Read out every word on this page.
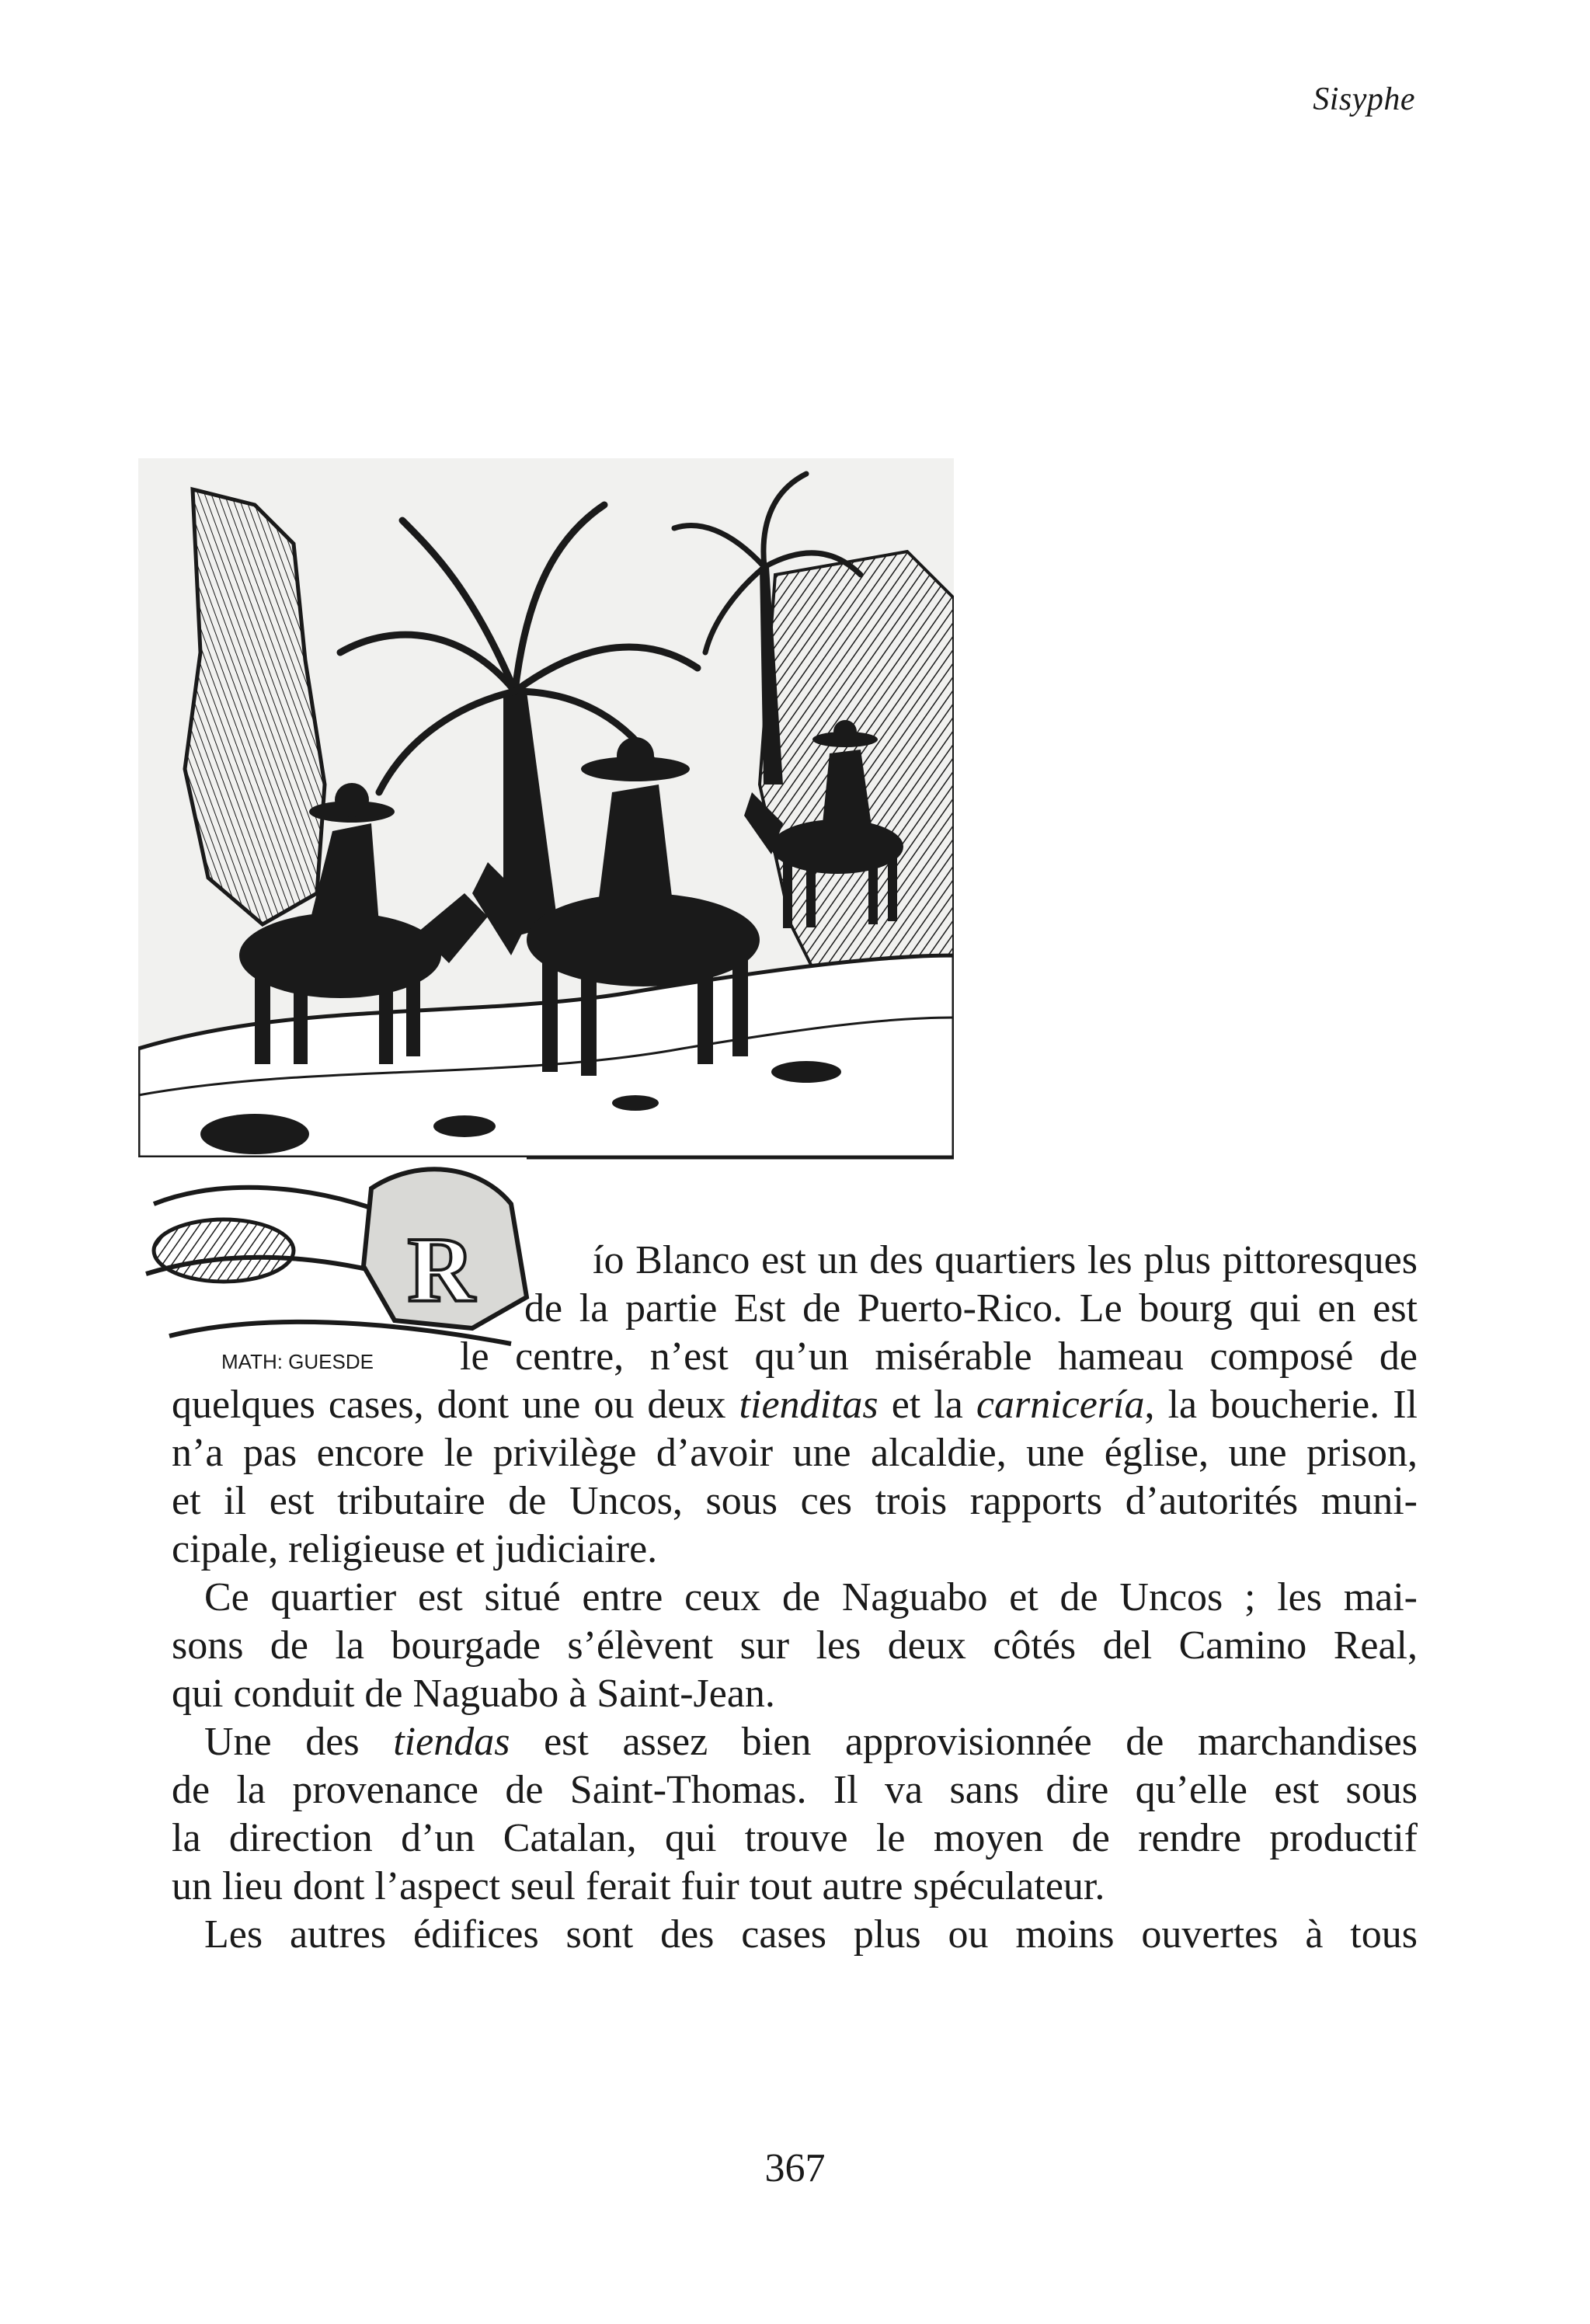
Sisyphe
R
MATH: GUESDE
ío Blanco est un des quartiers les plus pittoresques
de la partie Est de Puerto-Rico. Le bourg qui en est
le centre, n’est qu’un misérable hameau composé de
quelques cases, dont une ou deux tienditas et la carnicería, la boucherie. Il
n’a pas encore le privilège d’avoir une alcaldie, une église, une prison,
et il est tributaire de Uncos, sous ces trois rapports d’autorités muni-
cipale, religieuse et judiciaire.
Ce quartier est situé entre ceux de Naguabo et de Uncos ; les mai-
sons de la bourgade s’élèvent sur les deux côtés del Camino Real,
qui conduit de Naguabo à Saint-Jean.
Une des tiendas est assez bien approvisionnée de marchandises
de la provenance de Saint-Thomas. Il va sans dire qu’elle est sous
la direction d’un Catalan, qui trouve le moyen de rendre productif
un lieu dont l’aspect seul ferait fuir tout autre spéculateur.
Les autres édifices sont des cases plus ou moins ouvertes à tous
367
